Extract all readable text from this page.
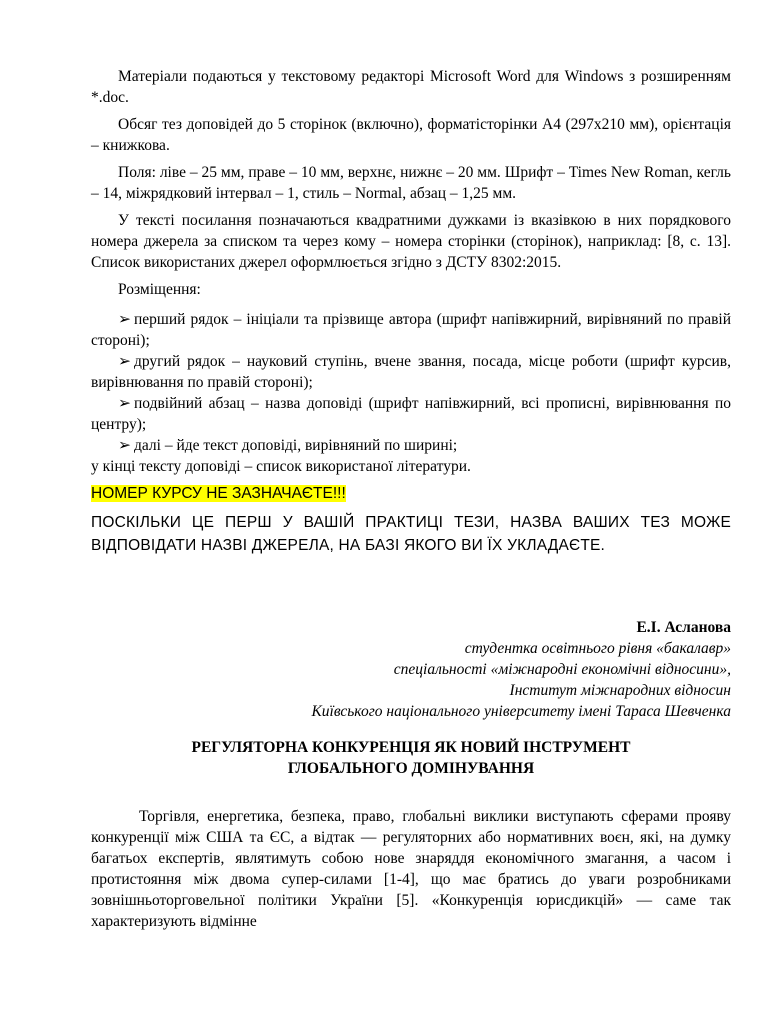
Матеріали подаються у текстовому редакторі Microsoft Word для Windows з розширенням *.doc.

Обсяг тез доповідей до 5 сторінок (включно), форматісторінки А4 (297х210 мм), орієнтація – книжкова.

Поля: ліве – 25 мм, праве – 10 мм, верхнє, нижнє – 20 мм. Шрифт – Times New Roman, кегль – 14, міжрядковий інтервал – 1, стиль – Normal, абзац – 1,25 мм.

У тексті посилання позначаються квадратними дужками із вказівкою в них порядкового номера джерела за списком та через кому – номера сторінки (сторінок), наприклад: [8, с. 13]. Список використаних джерел оформлюється згідно з ДСТУ 8302:2015.

Розміщення:

➢ перший рядок – ініціали та прізвище автора (шрифт напівжирний, вирівняний по правій стороні);

➢ другий рядок – науковий ступінь, вчене звання, посада, місце роботи (шрифт курсив, вирівнювання по правій стороні);

➢ подвійний абзац – назва доповіді (шрифт напівжирний, всі прописні, вирівнювання по центру);

➢ далі – йде текст доповіді, вирівняний по ширині;

у кінці тексту доповіді – список використаної літератури.

НОМЕР КУРСУ НЕ ЗАЗНАЧАЄТЕ!!!

ПОСКІЛЬКИ ЦЕ ПЕРШ У ВАШІЙ ПРАКТИЦІ ТЕЗИ, НАЗВА ВАШИХ ТЕЗ МОЖЕ ВІДПОВІДАТИ НАЗВІ ДЖЕРЕЛА, НА БАЗІ ЯКОГО ВИ ЇХ УКЛАДАЄТЕ.

Е.І. Асланова
студентка освітнього рівня «бакалавр»
спеціальності «міжнародні економічні відносини»,
Інститут міжнародних відносин
Київського національного університету імені Тараса Шевченка
РЕГУЛЯТОРНА КОНКУРЕНЦІЯ ЯК НОВИЙ ІНСТРУМЕНТ
ГЛОБАЛЬНОГО ДОМІНУВАННЯ

Торгівля, енергетика, безпека, право, глобальні виклики виступають сферами прояву конкуренції між США та ЄС, а відтак — регуляторних або нормативних воєн, які, на думку багатьох експертів, являтимуть собою нове знаряддя економічного змагання, а часом і протистояння між двома супер-силами [1-4], що має братись до уваги розробниками зовнішньоторговельної політики України [5]. «Конкуренція юрисдикцій» — саме так характеризують відмінне
